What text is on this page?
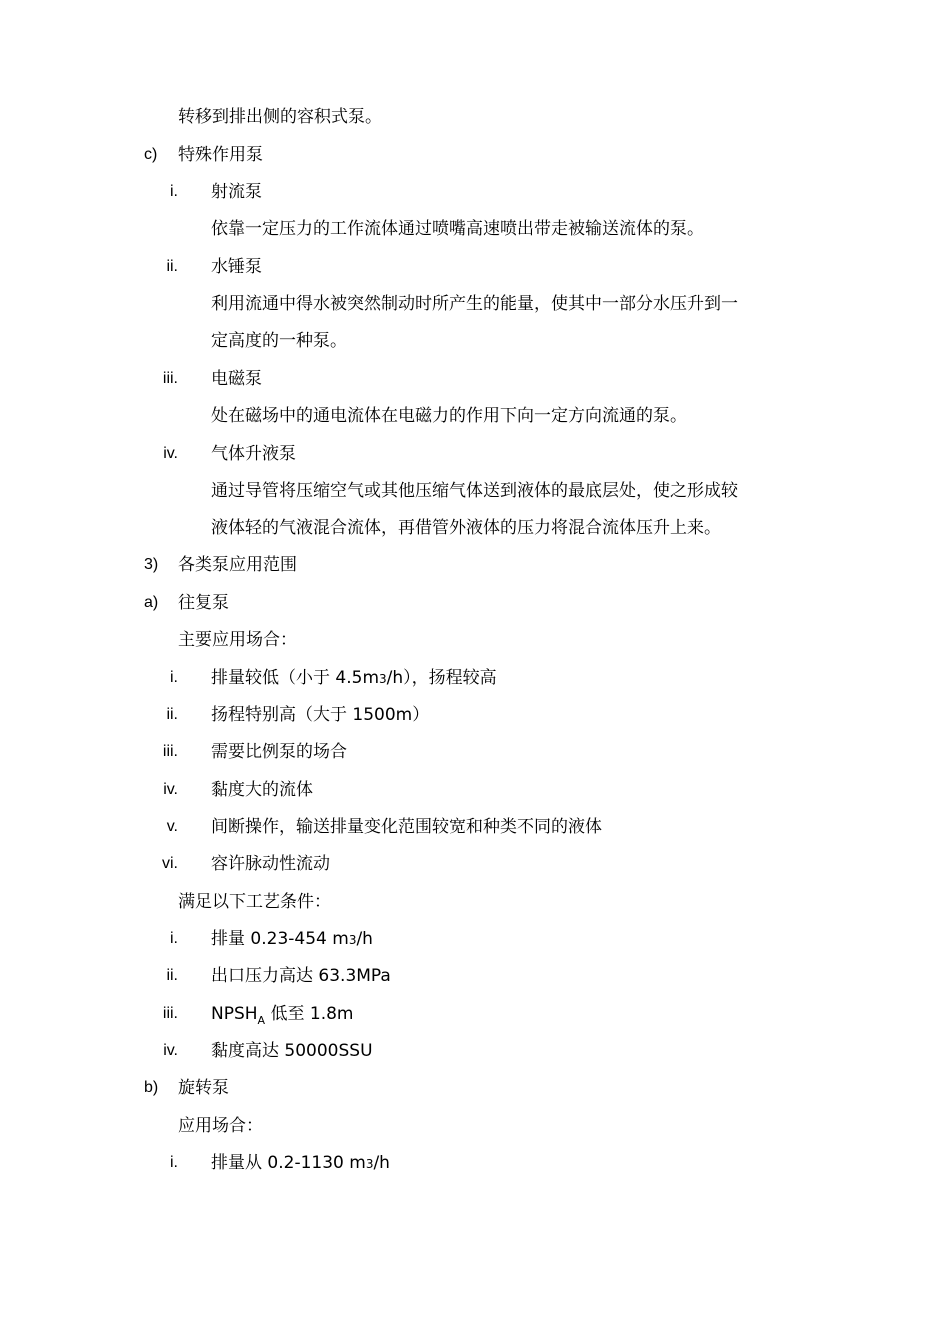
转移到排出侧的容积式泵。
c) 特殊作用泵
i. 射流泵
依靠一定压力的工作流体通过喷嘴高速喷出带走被输送流体的泵。
ii. 水锤泵
利用流通中得水被突然制动时所产生的能量，使其中一部分水压升到一
定高度的一种泵。
iii. 电磁泵
处在磁场中的通电流体在电磁力的作用下向一定方向流通的泵。
iv. 气体升液泵
通过导管将压缩空气或其他压缩气体送到液体的最底层处，使之形成较
液体轻的气液混合流体，再借管外液体的压力将混合流体压升上来。
3) 各类泵应用范围
a) 往复泵
主要应用场合：
i. 排量较低（小于 4.5m3/h），扬程较高
ii. 扬程特别高（大于 1500m）
iii. 需要比例泵的场合
iv. 黏度大的流体
v. 间断操作，输送排量变化范围较宽和种类不同的液体
vi. 容许脉动性流动
满足以下工艺条件：
i. 排量 0.23-454 m3/h
ii. 出口压力高达 63.3MPa
iii. $NPSH_A$ 低至 1.8m
iv. 黏度高达 50000SSU
b) 旋转泵
应用场合：
i. 排量从 0.2-1130 m3/h
